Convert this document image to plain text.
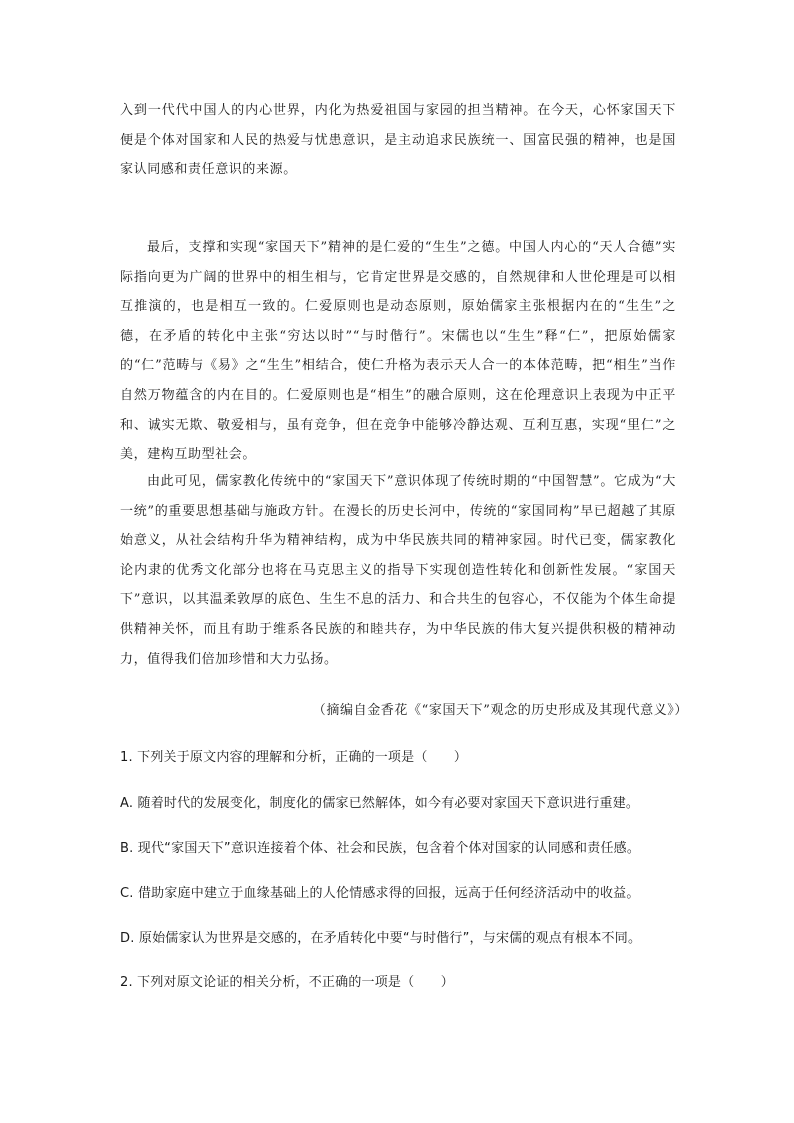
入到一代代中国人的内心世界，内化为热爱祖国与家园的担当精神。在今天，心怀家国天下便是个体对国家和人民的热爱与忧患意识，是主动追求民族统一、国富民强的精神，也是国家认同感和责任意识的来源。

最后，支撑和实现“家国天下”精神的是仁爱的“生生”之德。中国人内心的“天人合德”实际指向更为广阔的世界中的相生相与，它肯定世界是交感的，自然规律和人世伦理是可以相互推演的，也是相互一致的。仁爱原则也是动态原则，原始儒家主张根据内在的“生生”之德，在矛盾的转化中主张“穷达以时”“与时偕行”。宋儒也以“生生”释“仁”，把原始儒家的“仁”范畴与《易》之“生生”相结合，使仁升格为表示天人合一的本体范畴，把“相生”当作自然万物蕴含的内在目的。仁爱原则也是“相生”的融合原则，这在伦理意识上表现为中正平和、诚实无欺、敬爱相与，虽有竞争，但在竞争中能够冷静达观、互利互惠，实现“里仁”之美，建构互助型社会。

由此可见，儒家教化传统中的“家国天下”意识体现了传统时期的“中国智慧”。它成为“大一统”的重要思想基础与施政方针。在漫长的历史长河中，传统的“家国同构”早已超越了其原始意义，从社会结构升华为精神结构，成为中华民族共同的精神家园。时代已变，儒家教化论内隶的优秀文化部分也将在马克思主义的指导下实现创造性转化和创新性发展。“家国天下”意识，以其温柔敦厚的底色、生生不息的活力、和合共生的包容心，不仅能为个体生命提供精神关怀，而且有助于维系各民族的和睦共存，为中华民族的伟大复兴提供积极的精神动力，值得我们倍加珍惜和大力弘扬。

（摘编自金香花《“家国天下”观念的历史形成及其现代意义》）

1. 下列关于原文内容的理解和分析，正确的一项是（　　）

A. 随着时代的发展变化，制度化的儒家已然解体，如今有必要对家国天下意识进行重建。

B. 现代“家国天下”意识连接着个体、社会和民族，包含着个体对国家的认同感和责任感。

C. 借助家庭中建立于血缘基础上的人伦情感求得的回报，远高于任何经济活动中的收益。

D. 原始儒家认为世界是交感的，在矛盾转化中要“与时偕行”，与宋儒的观点有根本不同。

2. 下列对原文论证的相关分析，不正确的一项是（　　）
